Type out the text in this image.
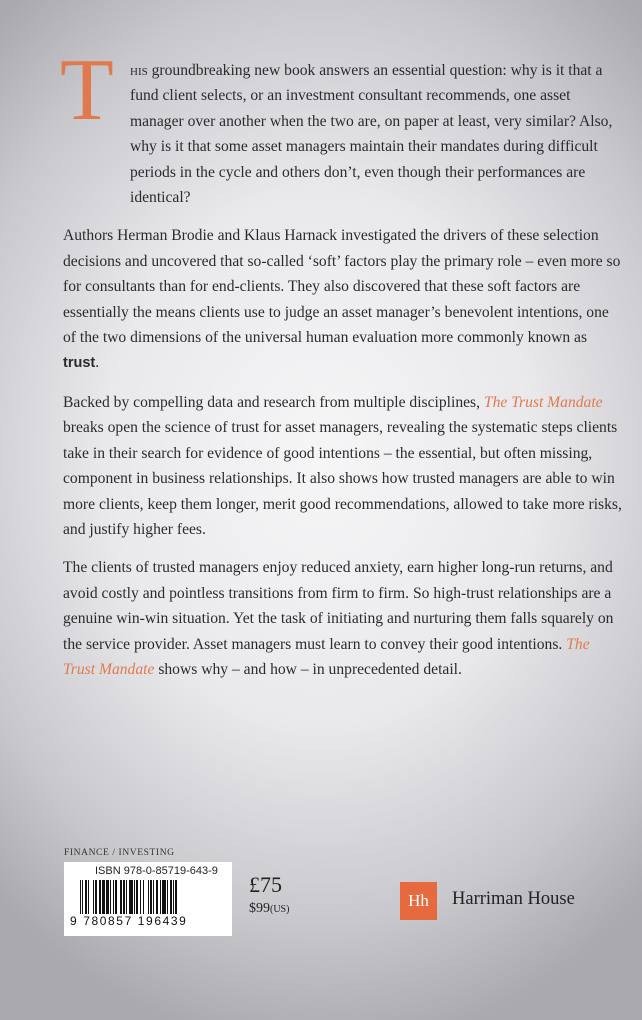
T his groundbreaking new book answers an essential question: why is it that a fund client selects, or an investment consultant recommends, one asset manager over another when the two are, on paper at least, very similar? Also, why is it that some asset managers maintain their mandates during difficult periods in the cycle and others don’t, even though their performances are identical?

Authors Herman Brodie and Klaus Harnack investigated the drivers of these selection decisions and uncovered that so-called ‘soft’ factors play the primary role – even more so for consultants than for end-clients. They also discovered that these soft factors are essentially the means clients use to judge an asset manager’s benevolent intentions, one of the two dimensions of the universal human evaluation more commonly known as trust.

Backed by compelling data and research from multiple disciplines, The Trust Mandate breaks open the science of trust for asset managers, revealing the systematic steps clients take in their search for evidence of good intentions – the essential, but often missing, component in business relationships. It also shows how trusted managers are able to win more clients, keep them longer, merit good recommendations, allowed to take more risks, and justify higher fees.

The clients of trusted managers enjoy reduced anxiety, earn higher long-run returns, and avoid costly and pointless transitions from firm to firm. So high-trust relationships are a genuine win-win situation. Yet the task of initiating and nurturing them falls squarely on the service provider. Asset managers must learn to convey their good intentions. The Trust Mandate shows why – and how – in unprecedented detail.

FINANCE / INVESTING
ISBN 978-0-85719-643-9
9 780857 196439
£75
$99(US)	Hh	Harriman House
